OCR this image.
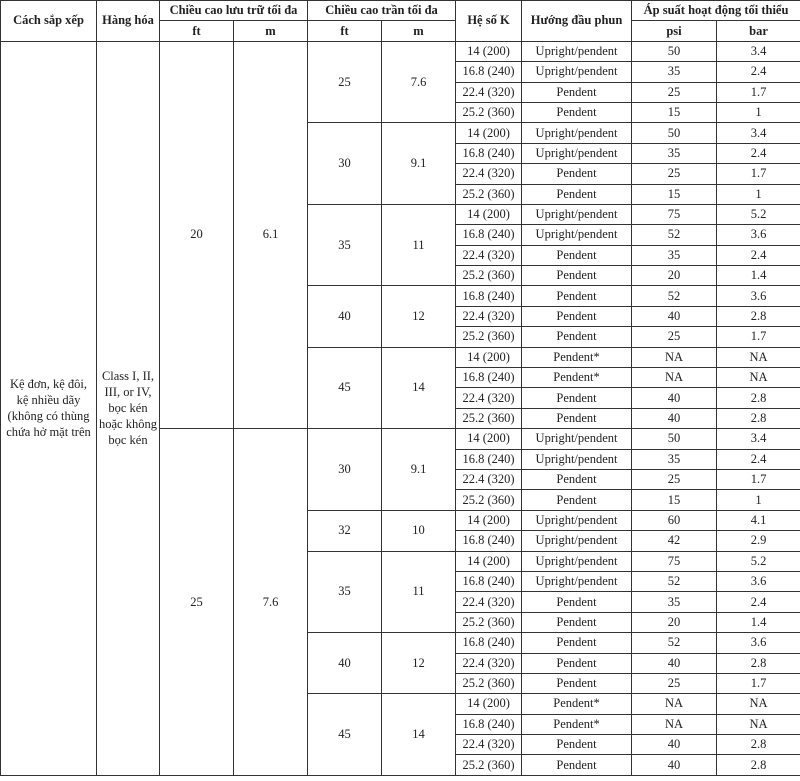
Cách sắp xếp	Hàng hóa	Chiều cao lưu trữ tối đa		Chiều cao trần tối đa		Hệ số K	Hướng đầu phun	Áp suất hoạt động tối thiểu	
		ft	m	ft	m			psi	bar
Kệ đơn, kệ đôi, kệ nhiều dãy (không có thùng chứa hở mặt trên	Class I, II, III, or IV, bọc kén hoặc không bọc kén	20	6.1	25	7.6	14 (200)	Upright/pendent	50	3.4
						16.8 (240)	Upright/pendent	35	2.4
						22.4 (320)	Pendent	25	1.7
						25.2 (360)	Pendent	15	1
				30	9.1	14 (200)	Upright/pendent	50	3.4
						16.8 (240)	Upright/pendent	35	2.4
						22.4 (320)	Pendent	25	1.7
						25.2 (360)	Pendent	15	1
				35	11	14 (200)	Upright/pendent	75	5.2
						16.8 (240)	Upright/pendent	52	3.6
						22.4 (320)	Pendent	35	2.4
						25.2 (360)	Pendent	20	1.4
				40	12	16.8 (240)	Pendent	52	3.6
						22.4 (320)	Pendent	40	2.8
						25.2 (360)	Pendent	25	1.7
				45	14	14 (200)	Pendent*	NA	NA
						16.8 (240)	Pendent*	NA	NA
						22.4 (320)	Pendent	40	2.8
						25.2 (360)	Pendent	40	2.8
		25	7.6	30	9.1	14 (200)	Upright/pendent	50	3.4
						16.8 (240)	Upright/pendent	35	2.4
						22.4 (320)	Pendent	25	1.7
						25.2 (360)	Pendent	15	1
				32	10	14 (200)	Upright/pendent	60	4.1
						16.8 (240)	Upright/pendent	42	2.9
				35	11	14 (200)	Upright/pendent	75	5.2
						16.8 (240)	Upright/pendent	52	3.6
						22.4 (320)	Pendent	35	2.4
						25.2 (360)	Pendent	20	1.4
				40	12	16.8 (240)	Pendent	52	3.6
						22.4 (320)	Pendent	40	2.8
						25.2 (360)	Pendent	25	1.7
				45	14	14 (200)	Pendent*	NA	NA
						16.8 (240)	Pendent*	NA	NA
						22.4 (320)	Pendent	40	2.8
						25.2 (360)	Pendent	40	2.8
